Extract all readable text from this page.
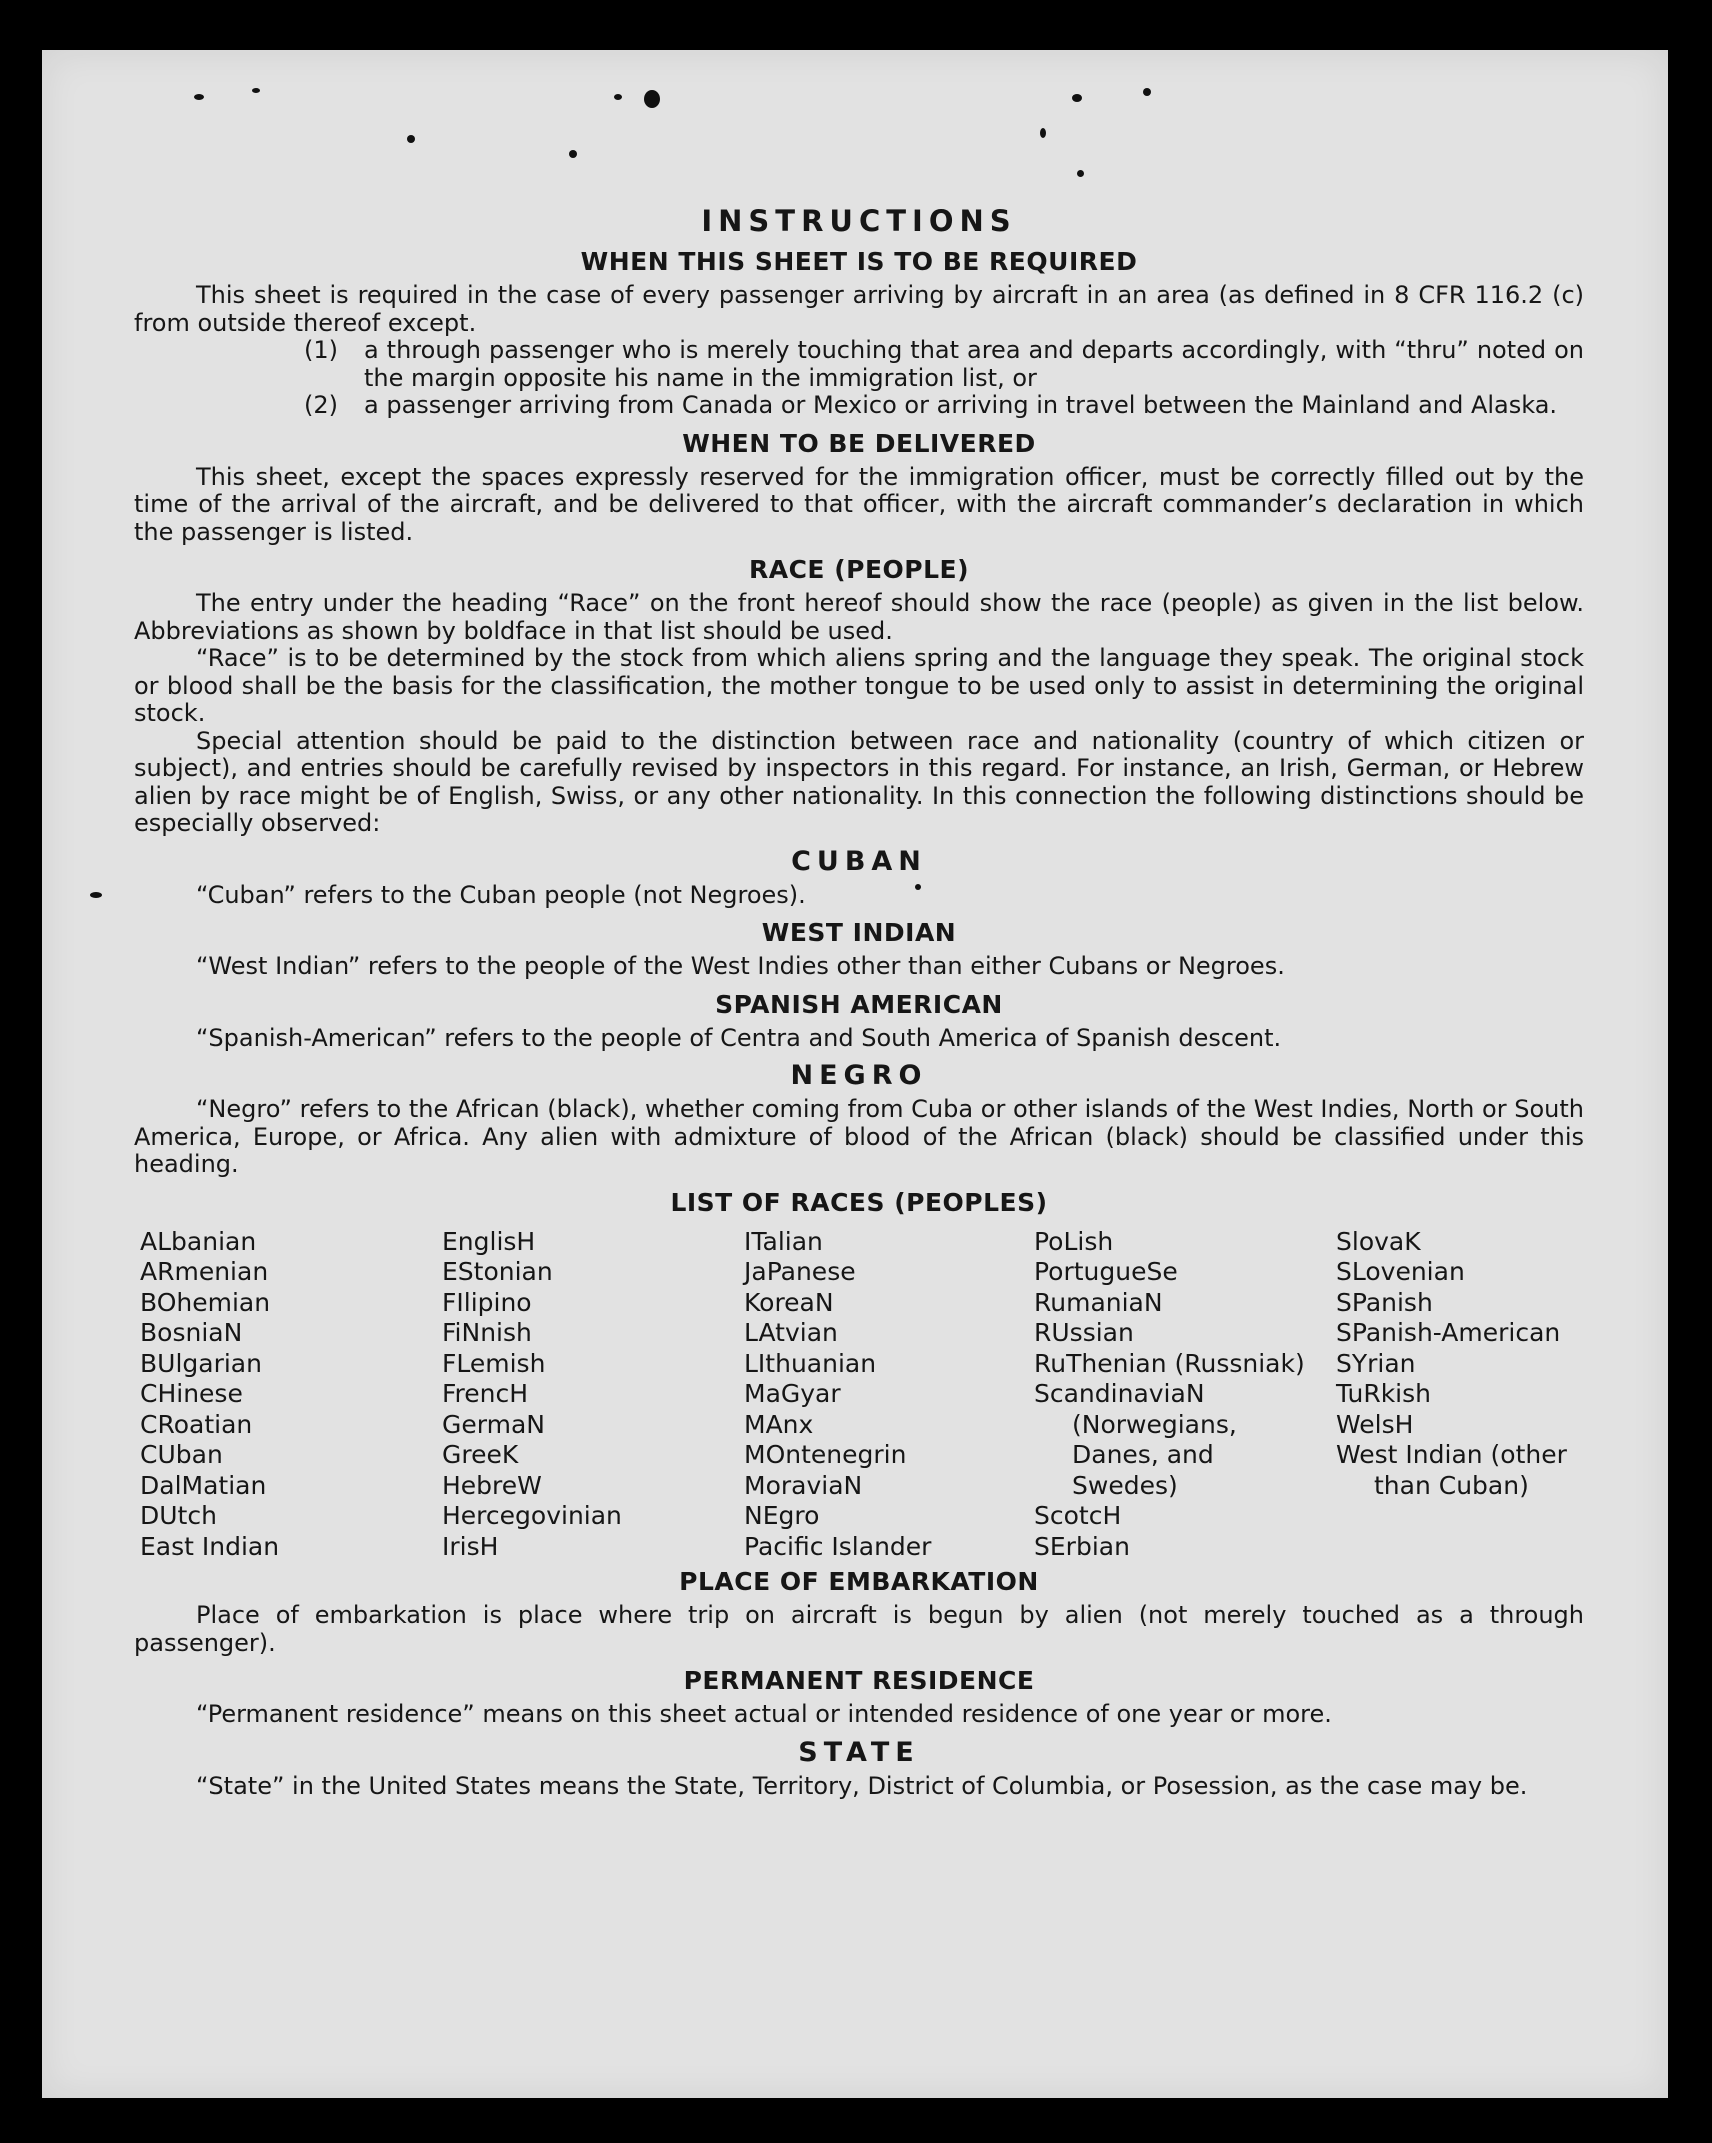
INSTRUCTIONS
WHEN THIS SHEET IS TO BE REQUIRED

This sheet is required in the case of every passenger arriving by aircraft in an area (as defined in 8 CFR 116.2 (c) from outside thereof except.

(1)	a through passenger who is merely touching that area and departs accordingly, with “thru” noted on the margin opposite his name in the immigration list, or
(2)	a passenger arriving from Canada or Mexico or arriving in travel between the Mainland and Alaska.
WHEN TO BE DELIVERED

This sheet, except the spaces expressly reserved for the immigration officer, must be correctly filled out by the time of the arrival of the aircraft, and be delivered to that officer, with the aircraft commander’s declaration in which the passenger is listed.

RACE (PEOPLE)

The entry under the heading “Race” on the front hereof should show the race (people) as given in the list below. Abbreviations as shown by boldface in that list should be used.

“Race” is to be determined by the stock from which aliens spring and the language they speak. The original stock or blood shall be the basis for the classification, the mother tongue to be used only to assist in determining the original stock.

Special attention should be paid to the distinction between race and nationality (country of which citizen or subject), and entries should be carefully revised by inspectors in this regard. For instance, an Irish, German, or Hebrew alien by race might be of English, Swiss, or any other nationality. In this connection the following distinctions should be especially observed:

CUBAN

“Cuban” refers to the Cuban people (not Negroes).

WEST INDIAN

“West Indian” refers to the people of the West Indies other than either Cubans or Negroes.

SPANISH AMERICAN

“Spanish-American” refers to the people of Centra and South America of Spanish descent.

NEGRO

“Negro” refers to the African (black), whether coming from Cuba or other islands of the West Indies, North or South America, Europe, or Africa. Any alien with admixture of blood of the African (black) should be classified under this heading.

LIST OF RACES (PEOPLES)
ALbanian
ARmenian
BOhemian
BosniaN
BUlgarian
CHinese
CRoatian
CUban
DalMatian
DUtch
East Indian
EnglisH
EStonian
FIlipino
FiNnish
FLemish
FrencH
GermaN
GreeK
HebreW
Hercegovinian
IrisH
ITalian
JaPanese
KoreaN
LAtvian
LIthuanian
MaGyar
MAnx
MOntenegrin
MoraviaN
NEgro
Pacific Islander
PoLish
PortugueSe
RumaniaN
RUssian
RuThenian (Russniak)
ScandinaviaN
(Norwegians,
Danes, and
Swedes)
ScotcH
SErbian
SlovaK
SLovenian
SPanish
SPanish-American
SYrian
TuRkish
WelsH
West Indian (other
than Cuban)
PLACE OF EMBARKATION

Place of embarkation is place where trip on aircraft is begun by alien (not merely touched as a through passenger).

PERMANENT RESIDENCE

“Permanent residence” means on this sheet actual or intended residence of one year or more.

STATE

“State” in the United States means the State, Territory, District of Columbia, or Posession, as the case may be.
